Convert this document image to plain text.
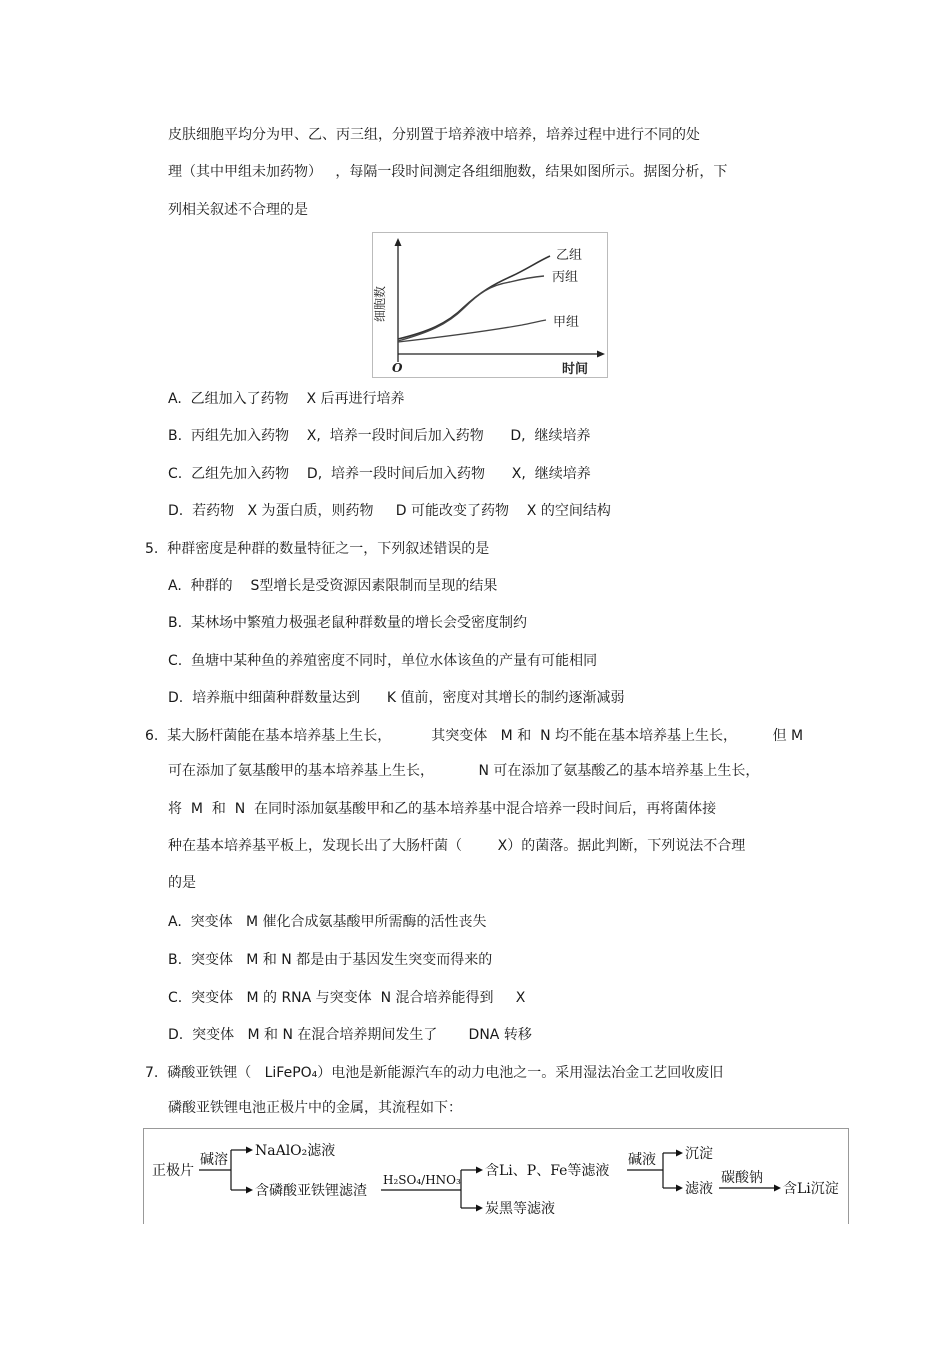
皮肤细胞平均分为甲、乙、丙三组，分别置于培养液中培养，培养过程中进行不同的处
理（其中甲组未加药物）   ，每隔一段时间测定各组细胞数，结果如图所示。据图分析，下
列相关叙述不合理的是
细胞数
时间
O
乙组
丙组
甲组
A.  乙组加入了药物    X 后再进行培养
B.  丙组先加入药物    X,  培养一段时间后加入药物      D,  继续培养
C.  乙组先加入药物    D,  培养一段时间后加入药物      X,  继续培养
D.  若药物   X 为蛋白质，则药物     D 可能改变了药物    X 的空间结构
5.  种群密度是种群的数量特征之一，下列叙述错误的是
A.  种群的    S型增长是受资源因素限制而呈现的结果
B.  某林场中繁殖力极强老鼠种群数量的增长会受密度制约
C.  鱼塘中某种鱼的养殖密度不同时，单位水体该鱼的产量有可能相同
D.  培养瓶中细菌种群数量达到      K 值前，密度对其增长的制约逐渐减弱
6.  某大肠杆菌能在基本培养基上生长，         其突变体   M 和  N 均不能在基本培养基上生长，        但 M
可在添加了氨基酸甲的基本培养基上生长，          N 可在添加了氨基酸乙的基本培养基上生长，
将  M  和  N  在同时添加氨基酸甲和乙的基本培养基中混合培养一段时间后，再将菌体接
种在基本培养基平板上，发现长出了大肠杆菌（        X）的菌落。据此判断，下列说法不合理
的是
A.  突变体   M 催化合成氨基酸甲所需酶的活性丧失
B.  突变体   M 和 N 都是由于基因发生突变而得来的
C.  突变体   M 的 RNA 与突变体  N 混合培养能得到     X
D.  突变体   M 和 N 在混合培养期间发生了       DNA 转移
7.  磷酸亚铁锂（   LiFePO₄）电池是新能源汽车的动力电池之一。采用湿法冶金工艺回收废旧
磷酸亚铁锂电池正极片中的金属，其流程如下：
正极片
碱溶
NaAlO₂滤液
含磷酸亚铁锂滤渣
H₂SO₄/HNO₃
含Li、P、Fe等滤液
炭黑等滤液
碱液 沉淀
滤液
碳酸钠
含Li沉淀
